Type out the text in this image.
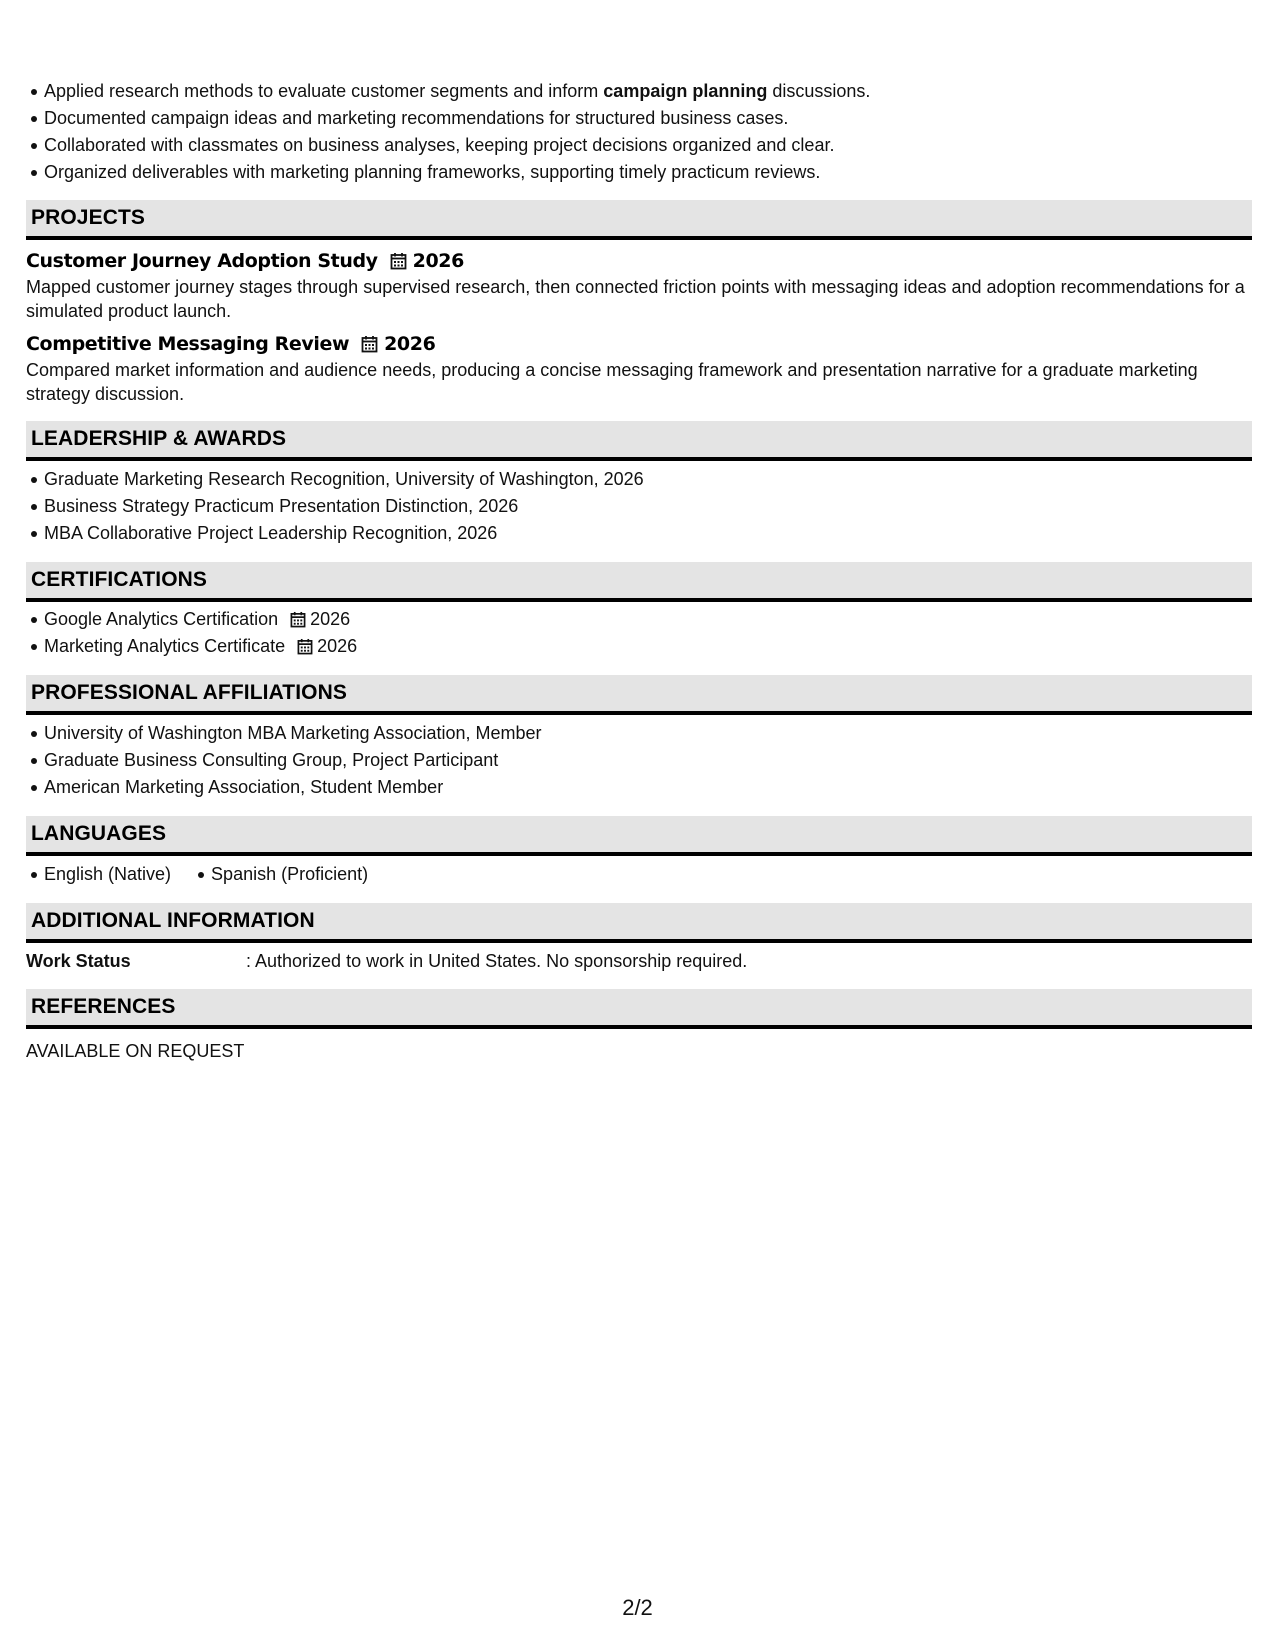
Applied research methods to evaluate customer segments and inform campaign planning discussions.
Documented campaign ideas and marketing recommendations for structured business cases.
Collaborated with classmates on business analyses, keeping project decisions organized and clear.
Organized deliverables with marketing planning frameworks, supporting timely practicum reviews.
PROJECTS
Customer Journey Adoption Study 2026
Mapped customer journey stages through supervised research, then connected friction points with messaging ideas and adoption recommendations for a simulated product launch.
Competitive Messaging Review 2026
Compared market information and audience needs, producing a concise messaging framework and presentation narrative for a graduate marketing strategy discussion.
LEADERSHIP & AWARDS
Graduate Marketing Research Recognition, University of Washington, 2026
Business Strategy Practicum Presentation Distinction, 2026
MBA Collaborative Project Leadership Recognition, 2026
CERTIFICATIONS
Google Analytics Certification 2026
Marketing Analytics Certificate 2026
PROFESSIONAL AFFILIATIONS
University of Washington MBA Marketing Association, Member
Graduate Business Consulting Group, Project Participant
American Marketing Association, Student Member
LANGUAGES
English (Native)	Spanish (Proficient)
ADDITIONAL INFORMATION
Work Status	: Authorized to work in United States. No sponsorship required.
REFERENCES
AVAILABLE ON REQUEST
2/2
